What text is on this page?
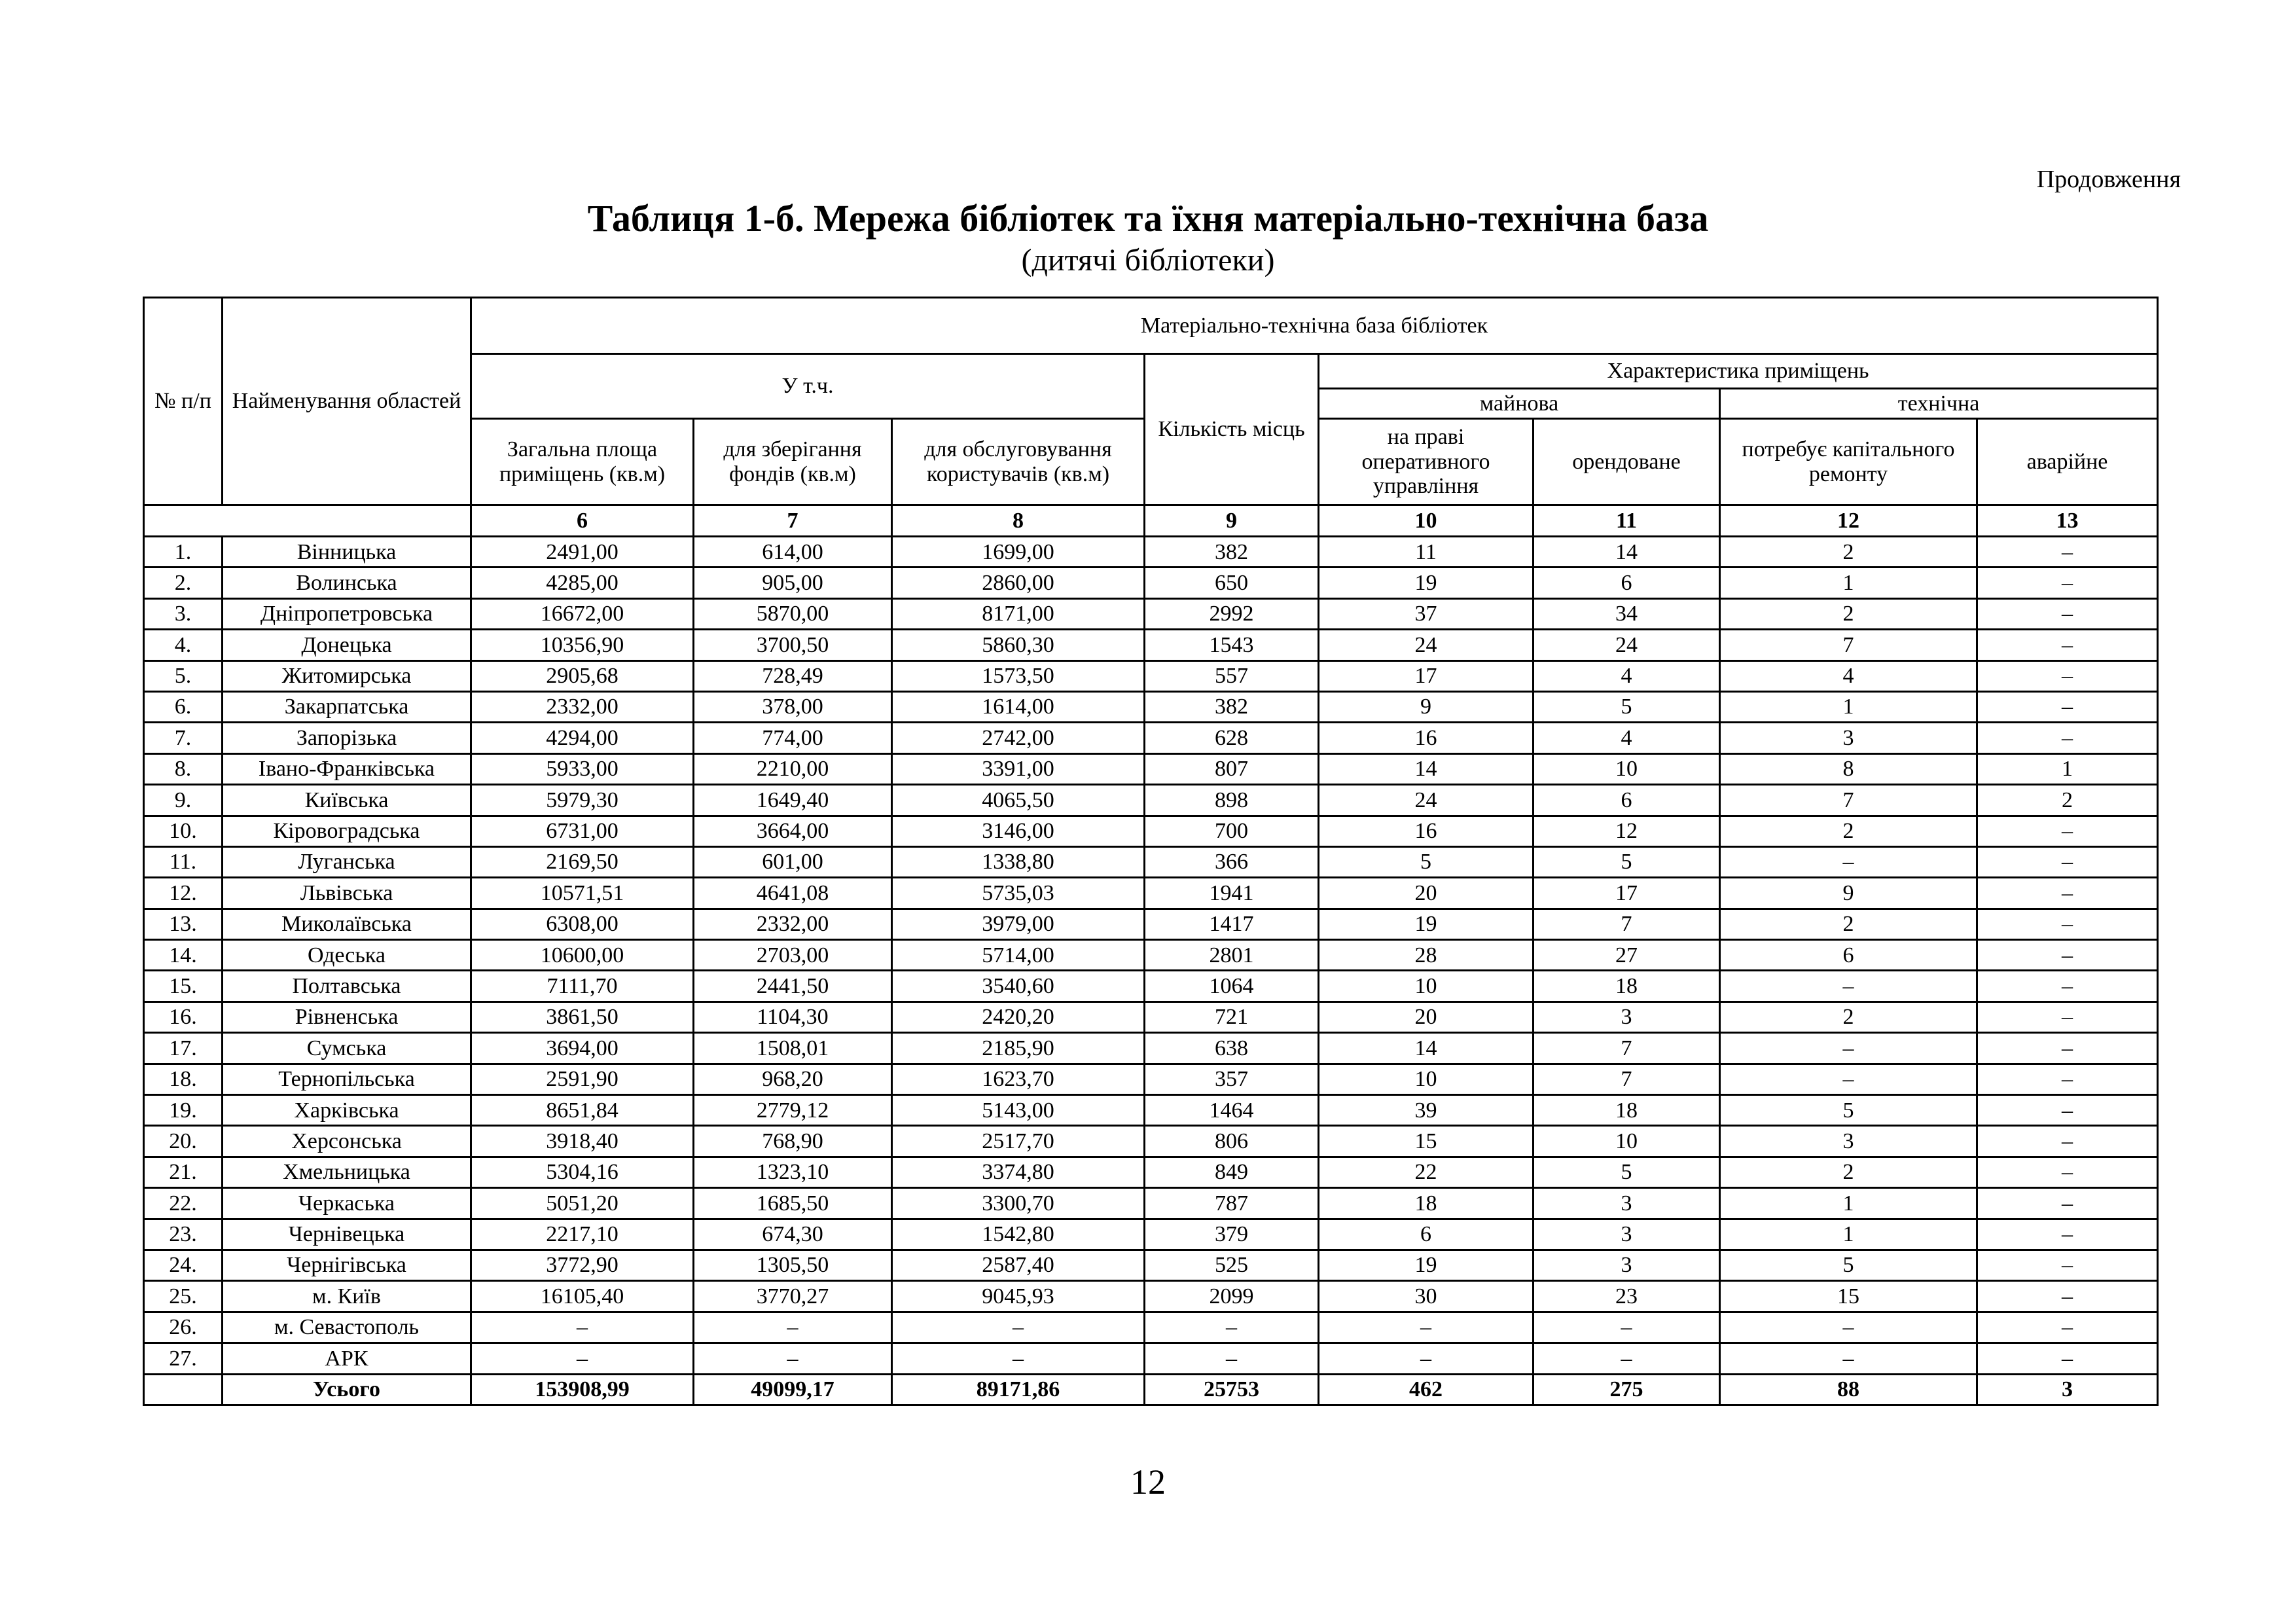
Продовження
Таблиця 1-б. Мережа бібліотек та їхня матеріально-технічна база
(дитячі бібліотеки)
№ п/п	Найменування областей	Матеріально-технічна база бібліотек							
		У т.ч.			Кількість місць	Характеристика приміщень			
						майнова		технічна	
		Загальна площа приміщень (кв.м)	для зберігання фондів (кв.м)	для обслуговування користувачів (кв.м)		на праві оперативного управління	орендоване	потребує капітального ремонту	аварійне
		6	7	8	9	10	11	12	13
1.	Вінницька	2491,00	614,00	1699,00	382	11	14	2	–
2.	Волинська	4285,00	905,00	2860,00	650	19	6	1	–
3.	Дніпропетровська	16672,00	5870,00	8171,00	2992	37	34	2	–
4.	Донецька	10356,90	3700,50	5860,30	1543	24	24	7	–
5.	Житомирська	2905,68	728,49	1573,50	557	17	4	4	–
6.	Закарпатська	2332,00	378,00	1614,00	382	9	5	1	–
7.	Запорізька	4294,00	774,00	2742,00	628	16	4	3	–
8.	Івано-Франківська	5933,00	2210,00	3391,00	807	14	10	8	1
9.	Київська	5979,30	1649,40	4065,50	898	24	6	7	2
10.	Кіровоградська	6731,00	3664,00	3146,00	700	16	12	2	–
11.	Луганська	2169,50	601,00	1338,80	366	5	5	–	–
12.	Львівська	10571,51	4641,08	5735,03	1941	20	17	9	–
13.	Миколаївська	6308,00	2332,00	3979,00	1417	19	7	2	–
14.	Одеська	10600,00	2703,00	5714,00	2801	28	27	6	–
15.	Полтавська	7111,70	2441,50	3540,60	1064	10	18	–	–
16.	Рівненська	3861,50	1104,30	2420,20	721	20	3	2	–
17.	Сумська	3694,00	1508,01	2185,90	638	14	7	–	–
18.	Тернопільська	2591,90	968,20	1623,70	357	10	7	–	–
19.	Харківська	8651,84	2779,12	5143,00	1464	39	18	5	–
20.	Херсонська	3918,40	768,90	2517,70	806	15	10	3	–
21.	Хмельницька	5304,16	1323,10	3374,80	849	22	5	2	–
22.	Черкаська	5051,20	1685,50	3300,70	787	18	3	1	–
23.	Чернівецька	2217,10	674,30	1542,80	379	6	3	1	–
24.	Чернігівська	3772,90	1305,50	2587,40	525	19	3	5	–
25.	м. Київ	16105,40	3770,27	9045,93	2099	30	23	15	–
26.	м. Севастополь	–	–	–	–	–	–	–	–
27.	АРК	–	–	–	–	–	–	–	–
	Усього	153908,99	49099,17	89171,86	25753	462	275	88	3
12
